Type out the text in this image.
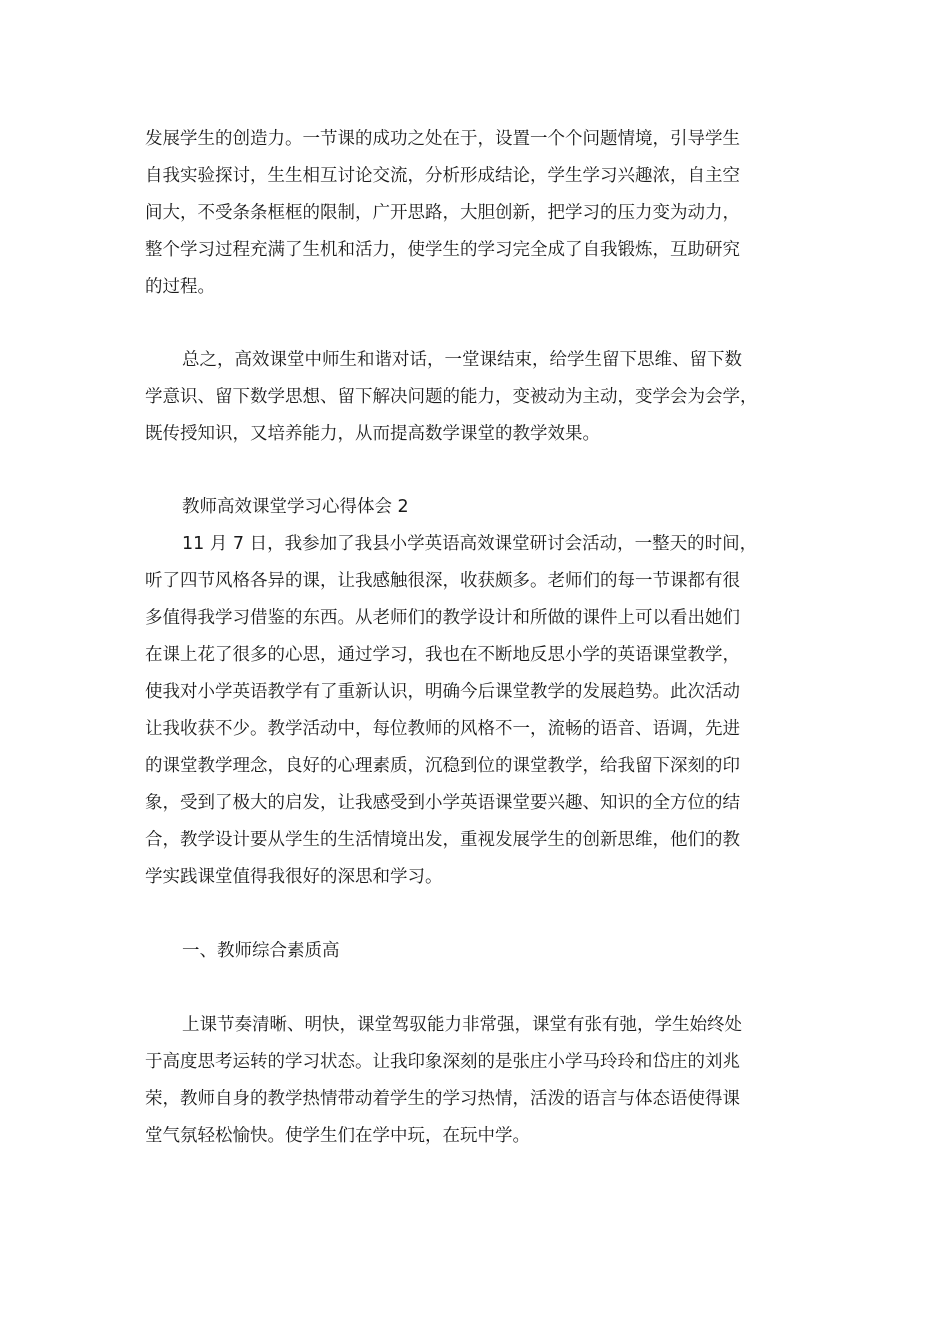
发展学生的创造力。一节课的成功之处在于，设置一个个问题情境，引导学生
自我实验探讨，生生相互讨论交流，分析形成结论，学生学习兴趣浓，自主空
间大，不受条条框框的限制，广开思路，大胆创新，把学习的压力变为动力，
整个学习过程充满了生机和活力，使学生的学习完全成了自我锻炼，互助研究
的过程。
总之，高效课堂中师生和谐对话，一堂课结束，给学生留下思维、留下数
学意识、留下数学思想、留下解决问题的能力，变被动为主动，变学会为会学，
既传授知识，又培养能力，从而提高数学课堂的教学效果。
教师高效课堂学习心得体会 2
11 月 7 日，我参加了我县小学英语高效课堂研讨会活动，一整天的时间，
听了四节风格各异的课，让我感触很深，收获颇多。老师们的每一节课都有很
多值得我学习借鉴的东西。从老师们的教学设计和所做的课件上可以看出她们
在课上花了很多的心思，通过学习，我也在不断地反思小学的英语课堂教学，
使我对小学英语教学有了重新认识，明确今后课堂教学的发展趋势。此次活动
让我收获不少。教学活动中，每位教师的风格不一，流畅的语音、语调，先进
的课堂教学理念，良好的心理素质，沉稳到位的课堂教学，给我留下深刻的印
象，受到了极大的启发，让我感受到小学英语课堂要兴趣、知识的全方位的结
合，教学设计要从学生的生活情境出发，重视发展学生的创新思维，他们的教
学实践课堂值得我很好的深思和学习。
一、教师综合素质高
上课节奏清晰、明快，课堂驾驭能力非常强，课堂有张有弛，学生始终处
于高度思考运转的学习状态。让我印象深刻的是张庄小学马玲玲和岱庄的刘兆
荣，教师自身的教学热情带动着学生的学习热情，活泼的语言与体态语使得课
堂气氛轻松愉快。使学生们在学中玩，在玩中学。
